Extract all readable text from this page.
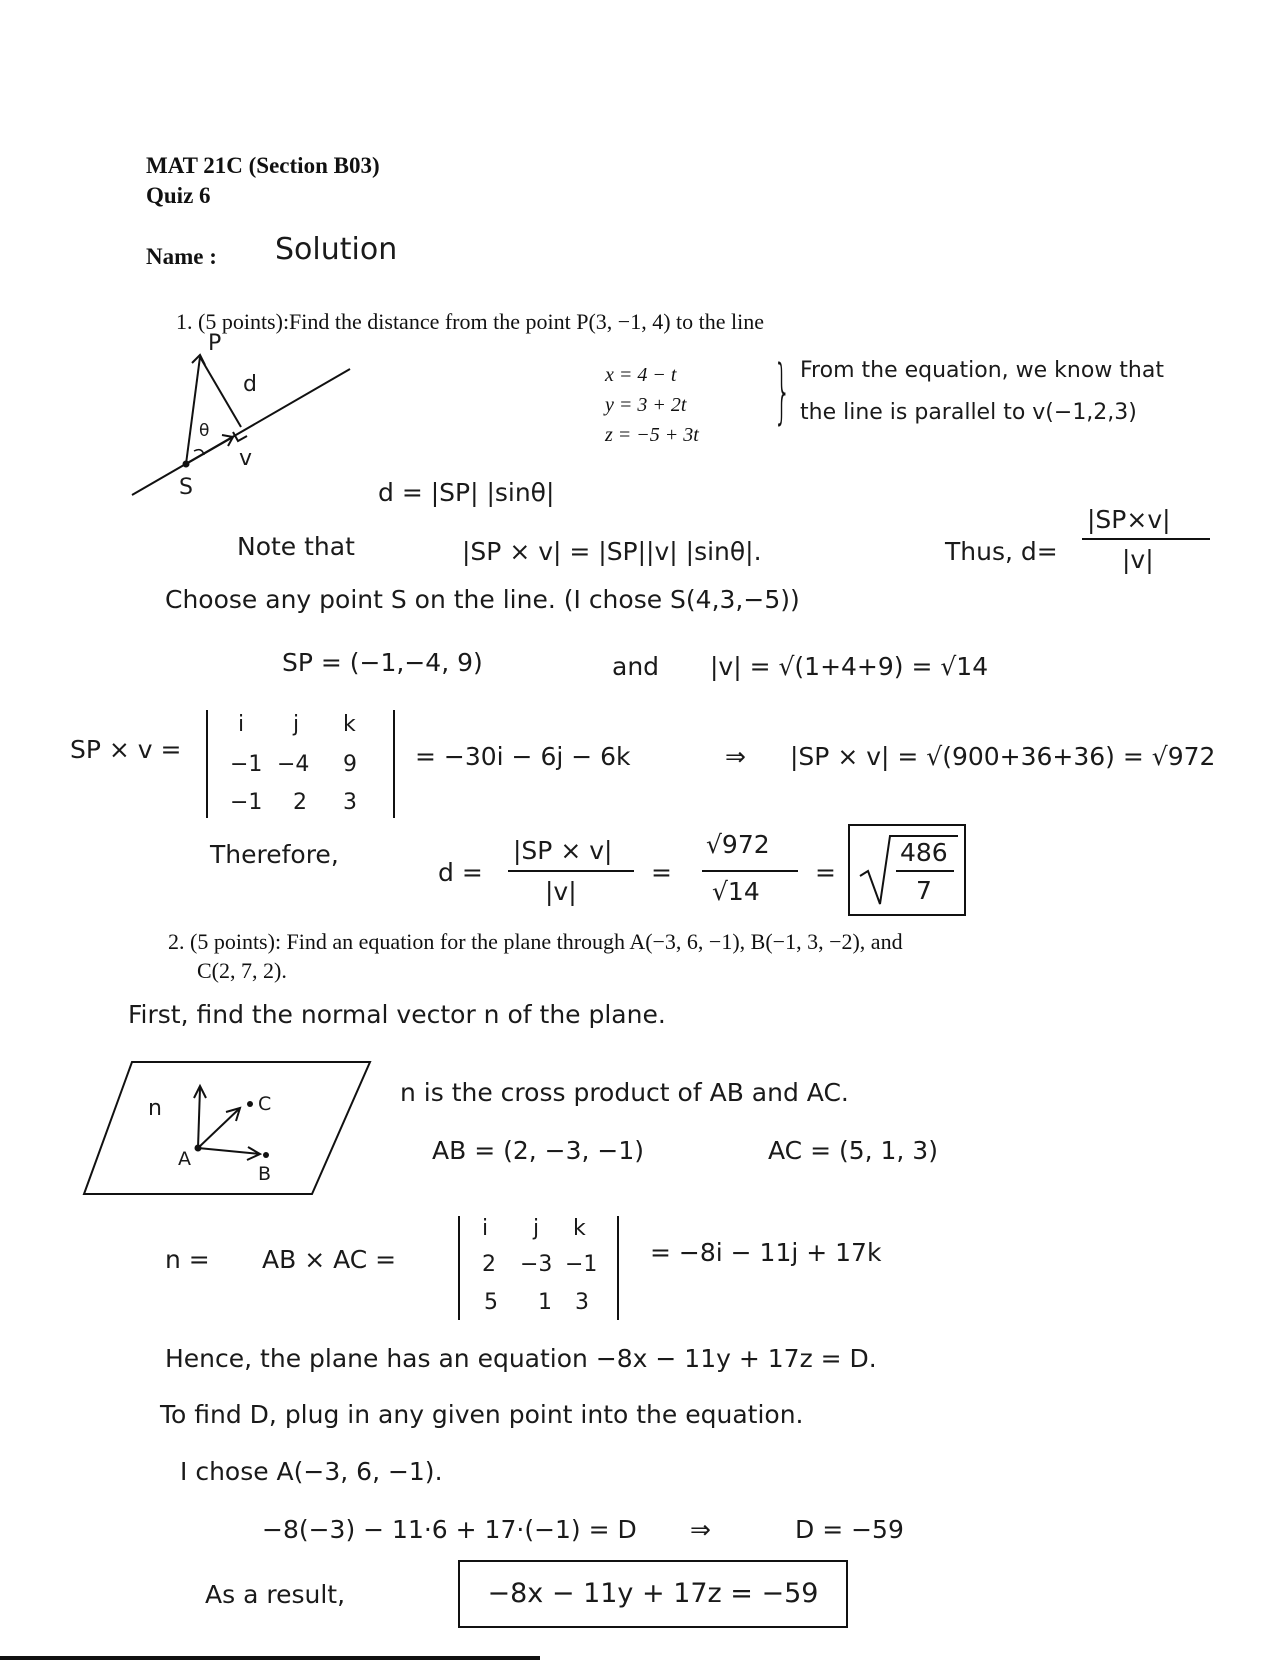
MAT 21C (Section B03)
Quiz 6
Name : Solution
1. (5 points):Find the distance from the point P(3, −1, 4) to the line
P
d
θ
v
S
x = 4 − t
y = 3 + 2t
z = −5 + 3t
} From the equation, we know that
the line is parallel to v(−1,2,3)
d = |SP| |sinθ|
Note that	|SP × v| = |SP||v| |sinθ|.	Thus, d=
|SP×v|
|v|
Choose any point S on the line. (I chose S(4,3,−5))
SP = (−1,−4, 9)	and |v| = √(1+4+9) = √14
SP × v =
i j k
−1 −4 9
−1 2 3
= −30i − 6j − 6k	⇒ |SP × v| = √(900+36+36) = √972
Therefore,
d =
|SP × v|
|v|
=
√972
√14
=
486
7
2. (5 points): Find an equation for the plane through A(−3, 6, −1), B(−1, 3, −2), and
C(2, 7, 2).
First, find the normal vector n of the plane.
n
A
C
B
n is the cross product of AB and AC.
AB = (2, −3, −1)	AC = (5, 1, 3)
n = AB × AC =
i j k
2 −3 −1
5 1 3
= −8i − 11j + 17k
Hence, the plane has an equation −8x − 11y + 17z = D.
To find D, plug in any given point into the equation.
I chose A(−3, 6, −1).
−8(−3) − 11·6 + 17·(−1) = D ⇒	D = −59
As a result,	−8x − 11y + 17z = −59
